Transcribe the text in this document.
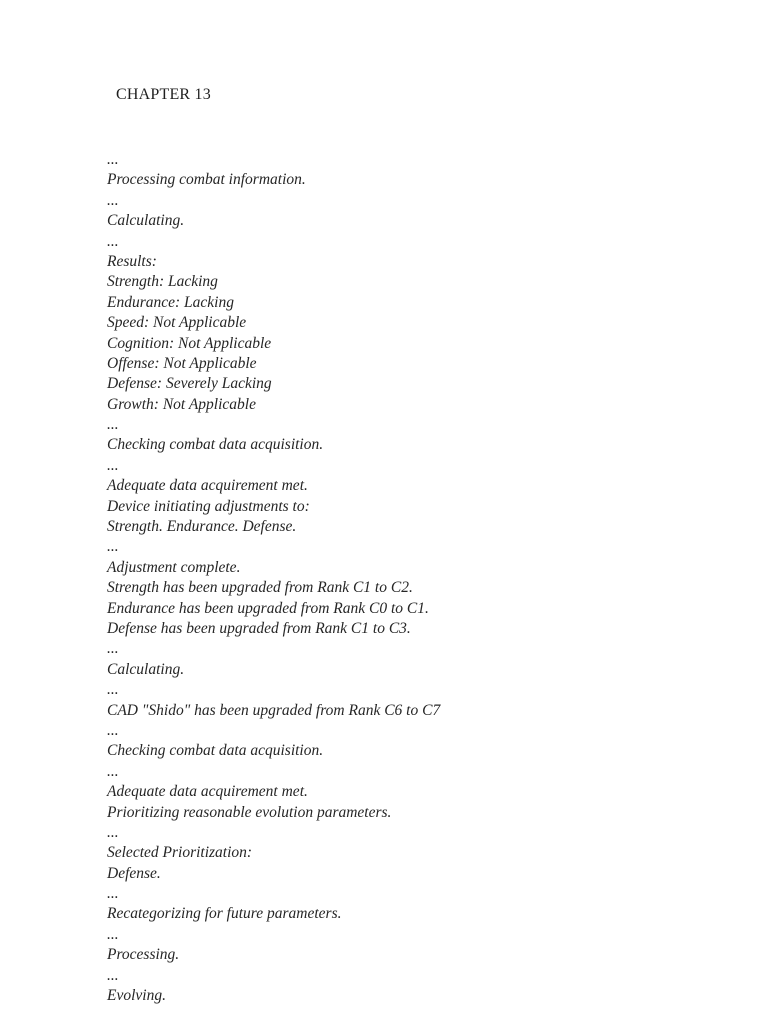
CHAPTER 13
...
Processing combat information.
...
Calculating.
...
Results:
Strength: Lacking
Endurance: Lacking
Speed: Not Applicable
Cognition: Not Applicable
Offense: Not Applicable
Defense: Severely Lacking
Growth: Not Applicable
...
Checking combat data acquisition.
...
Adequate data acquirement met.
Device initiating adjustments to:
Strength. Endurance. Defense.
...
Adjustment complete.
Strength has been upgraded from Rank C1 to C2.
Endurance has been upgraded from Rank C0 to C1.
Defense has been upgraded from Rank C1 to C3.
...
Calculating.
...
CAD "Shido" has been upgraded from Rank C6 to C7
...
Checking combat data acquisition.
...
Adequate data acquirement met.
Prioritizing reasonable evolution parameters.
...
Selected Prioritization:
Defense.
...
Recategorizing for future parameters.
...
Processing.
...
Evolving.
